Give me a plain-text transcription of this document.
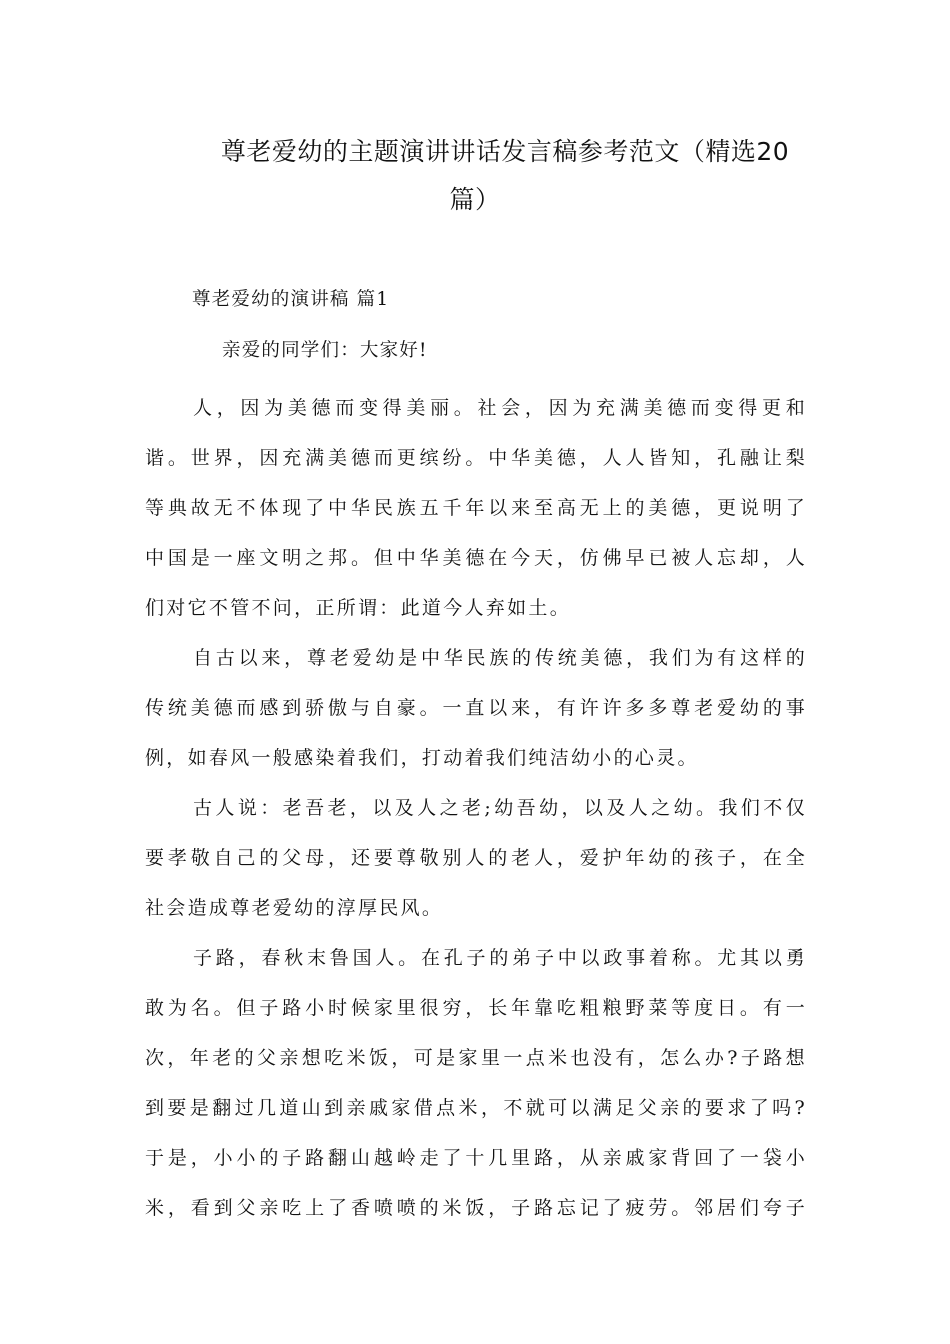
尊老爱幼的主题演讲讲话发言稿参考范文（精选20
篇）
尊老爱幼的演讲稿 篇1
亲爱的同学们：大家好!

人，因为美德而变得美丽。社会，因为充满美德而变得更和
谐。世界，因充满美德而更缤纷。中华美德，人人皆知，孔融让梨
等典故无不体现了中华民族五千年以来至高无上的美德，更说明了
中国是一座文明之邦。但中华美德在今天，仿佛早已被人忘却，人
们对它不管不问，正所谓：此道今人弃如土。

自古以来，尊老爱幼是中华民族的传统美德，我们为有这样的
传统美德而感到骄傲与自豪。一直以来，有许许多多尊老爱幼的事
例，如春风一般感染着我们，打动着我们纯洁幼小的心灵。

古人说：老吾老，以及人之老;幼吾幼，以及人之幼。我们不仅
要孝敬自己的父母，还要尊敬别人的老人，爱护年幼的孩子，在全
社会造成尊老爱幼的淳厚民风。

子路，春秋末鲁国人。在孔子的弟子中以政事着称。尤其以勇
敢为名。但子路小时候家里很穷，长年靠吃粗粮野菜等度日。有一
次，年老的父亲想吃米饭，可是家里一点米也没有，怎么办?子路想
到要是翻过几道山到亲戚家借点米，不就可以满足父亲的要求了吗?
于是，小小的子路翻山越岭走了十几里路，从亲戚家背回了一袋小
米，看到父亲吃上了香喷喷的米饭，子路忘记了疲劳。邻居们夸子
